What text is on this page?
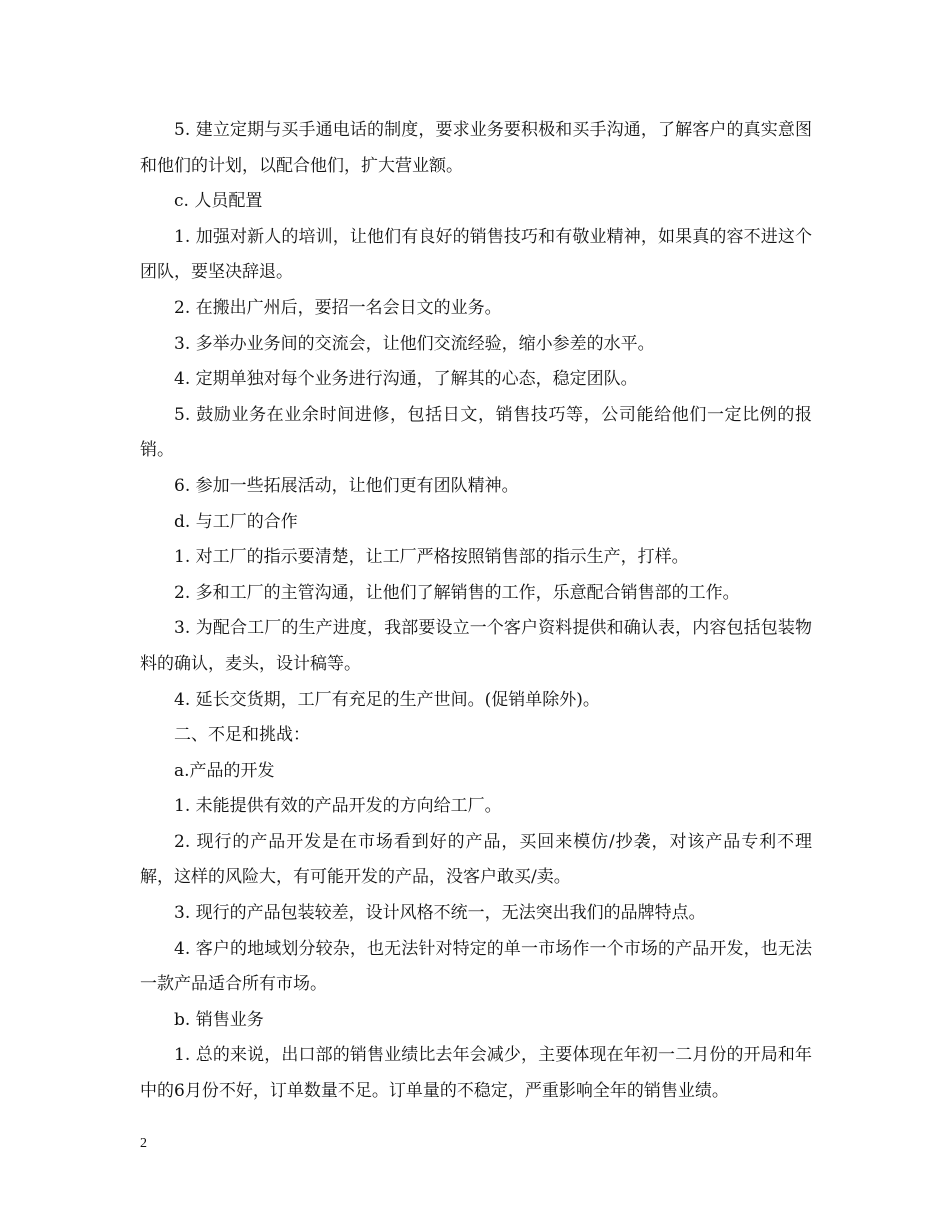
5. 建立定期与买手通电话的制度，要求业务要积极和买手沟通，了解客户的真实意图和他们的计划，以配合他们，扩大营业额。

c. 人员配置

1. 加强对新人的培训，让他们有良好的销售技巧和有敬业精神，如果真的容不进这个团队，要坚决辞退。

2. 在搬出广州后，要招一名会日文的业务。

3. 多举办业务间的交流会，让他们交流经验，缩小参差的水平。

4. 定期单独对每个业务进行沟通，了解其的心态，稳定团队。

5. 鼓励业务在业余时间进修，包括日文，销售技巧等，公司能给他们一定比例的报销。

6. 参加一些拓展活动，让他们更有团队精神。

d. 与工厂的合作

1. 对工厂的指示要清楚，让工厂严格按照销售部的指示生产，打样。

2. 多和工厂的主管沟通，让他们了解销售的工作，乐意配合销售部的工作。

3. 为配合工厂的生产进度，我部要设立一个客户资料提供和确认表，内容包括包装物料的确认，麦头，设计稿等。

4. 延长交货期，工厂有充足的生产世间。(促销单除外)。

二、不足和挑战：

a.产品的开发

1. 未能提供有效的产品开发的方向给工厂。

2. 现行的产品开发是在市场看到好的产品，买回来模仿/抄袭，对该产品专利不理解，这样的风险大，有可能开发的产品，没客户敢买/卖。

3. 现行的产品包装较差，设计风格不统一，无法突出我们的品牌特点。

4. 客户的地域划分较杂，也无法针对特定的单一市场作一个市场的产品开发，也无法一款产品适合所有市场。

b. 销售业务

1. 总的来说，出口部的销售业绩比去年会减少，主要体现在年初一二月份的开局和年中的6月份不好，订单数量不足。订单量的不稳定，严重影响全年的销售业绩。

2
